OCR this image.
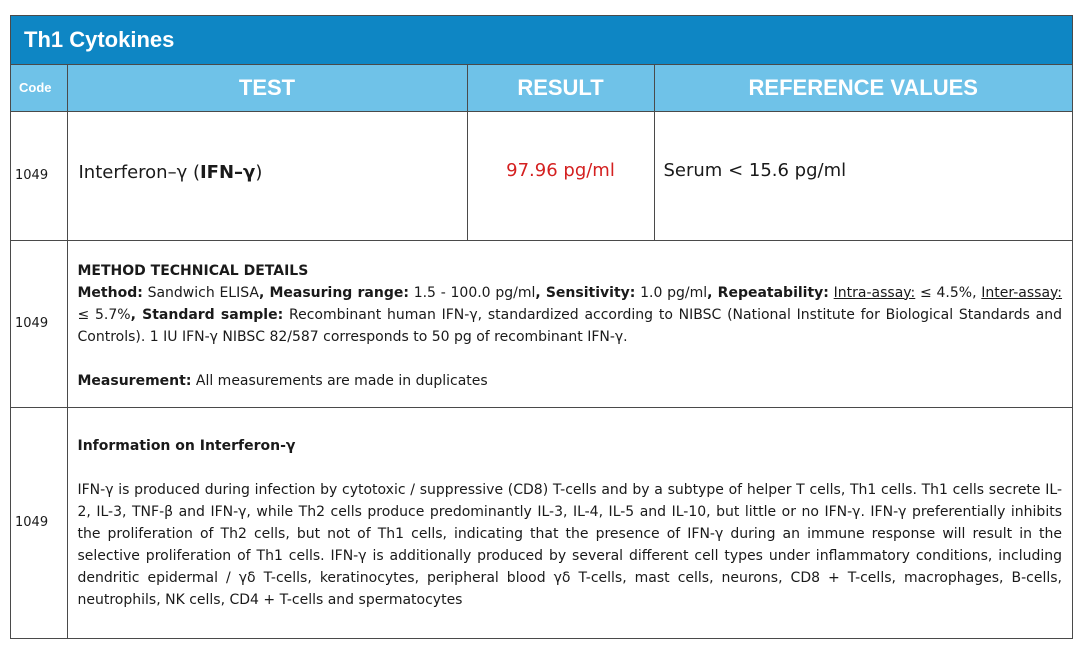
Th1 Cytokines
Code	TEST	RESULT	REFERENCE VALUES
1049	Interferon–γ (IFN–γ)	97.96 pg/ml	Serum < 15.6 pg/ml
1049	METHOD TECHNICAL DETAILS

Method: Sandwich ELISA, Measuring range: 1.5 - 100.0 pg/ml, Sensitivity: 1.0 pg/ml, Repeatability: Intra-assay: ≤ 4.5%, Inter-assay: ≤ 5.7%, Standard sample: Recombinant human IFN-γ, standardized according to NIBSC (National Institute for Biological Standards and Controls). 1 IU IFN-γ NIBSC 82/587 corresponds to 50 pg of recombinant IFN-γ.

Measurement: All measurements are made in duplicates		

1049	Information on Interferon-γ

IFN-γ is produced during infection by cytotoxic / suppressive (CD8) T-cells and by a subtype of helper T cells, Th1 cells. Th1 cells secrete IL-2, IL-3, TNF-β and IFN-γ, while Th2 cells produce predominantly IL-3, IL-4, IL-5 and IL-10, but little or no IFN-γ. IFN-γ preferentially inhibits the proliferation of Th2 cells, but not of Th1 cells, indicating that the presence of IFN-γ during an immune response will result in the selective proliferation of Th1 cells. IFN-γ is additionally produced by several different cell types under inflammatory conditions, including dendritic epidermal / γδ T-cells, keratinocytes, peripheral blood γδ T-cells, mast cells, neurons, CD8 + T-cells, macrophages, B-cells, neutrophils, NK cells, CD4 + T-cells and spermatocytes		
